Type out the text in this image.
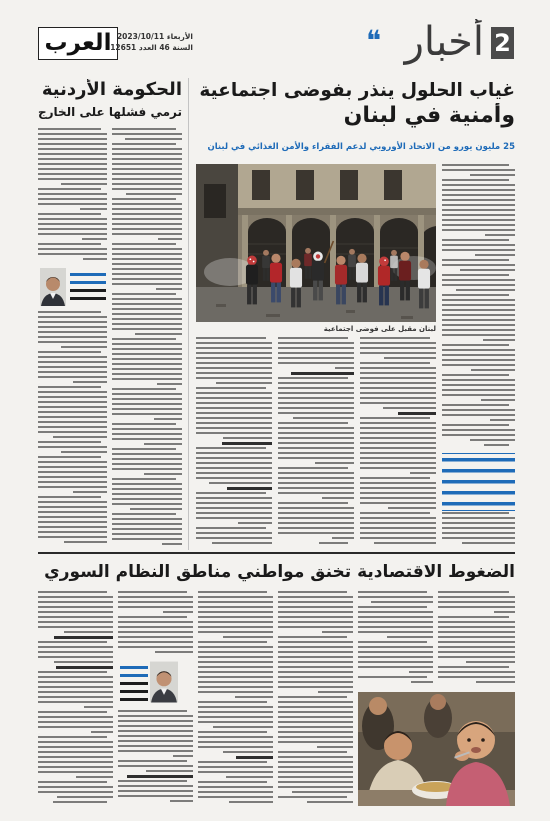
2
أخبار
❝
العرب الأربعاء 2023/10/11
السنة 46 العدد 12651
الحكومة الأردنية
ترمي فشلها على الخارج
غياب الحلول ينذر بفوضى اجتماعية
وأمنية في لبنان
25 مليون يورو من الاتحاد الأوروبي لدعم الفقراء والأمن الغذائي في لبنان
لبنان مقبل على فوضى اجتماعية
الضغوط الاقتصادية تخنق مواطني مناطق النظام السوري
